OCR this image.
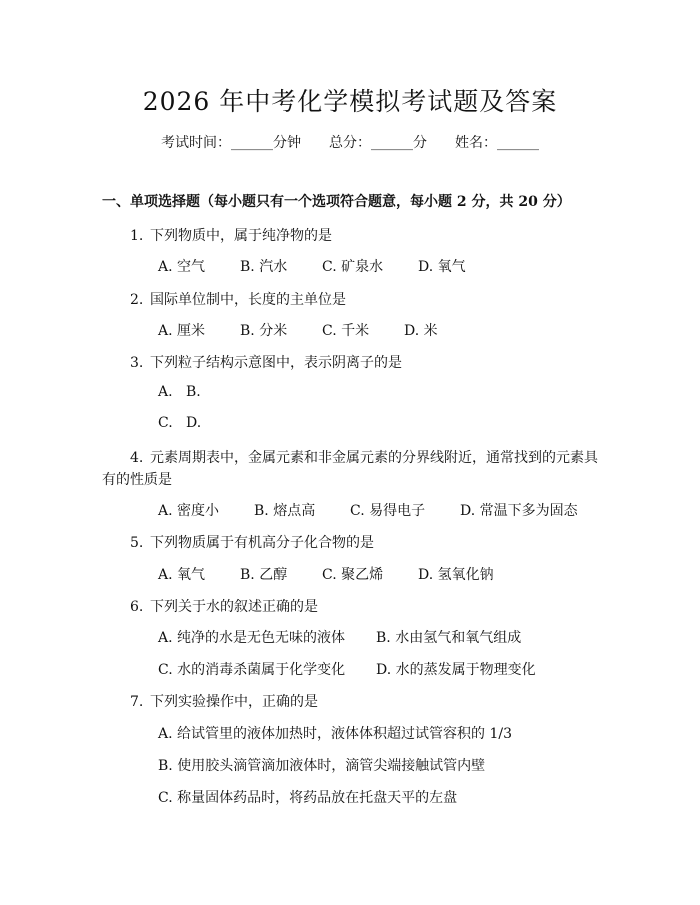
2026 年中考化学模拟考试题及答案
考试时间：______分钟 总分：______分 姓名：______
一、单项选择题（每小题只有一个选项符合题意，每小题 2 分，共 20 分）
1. 下列物质中，属于纯净物的是
A. 空气 B. 汽水 C. 矿泉水 D. 氧气
2. 国际单位制中，长度的主单位是
A. 厘米 B. 分米 C. 千米 D. 米
3. 下列粒子结构示意图中，表示阴离子的是
A. B.
C. D.
4. 元素周期表中，金属元素和非金属元素的分界线附近，通常找到的元素具
有的性质是
A. 密度小 B. 熔点高 C. 易得电子 D. 常温下多为固态
5. 下列物质属于有机高分子化合物的是
A. 氧气 B. 乙醇 C. 聚乙烯 D. 氢氧化钠
6. 下列关于水的叙述正确的是
A. 纯净的水是无色无味的液体 B. 水由氢气和氧气组成
C. 水的消毒杀菌属于化学变化 D. 水的蒸发属于物理变化
7. 下列实验操作中，正确的是
A. 给试管里的液体加热时，液体体积超过试管容积的 1/3
B. 使用胶头滴管滴加液体时，滴管尖端接触试管内壁
C. 称量固体药品时，将药品放在托盘天平的左盘
